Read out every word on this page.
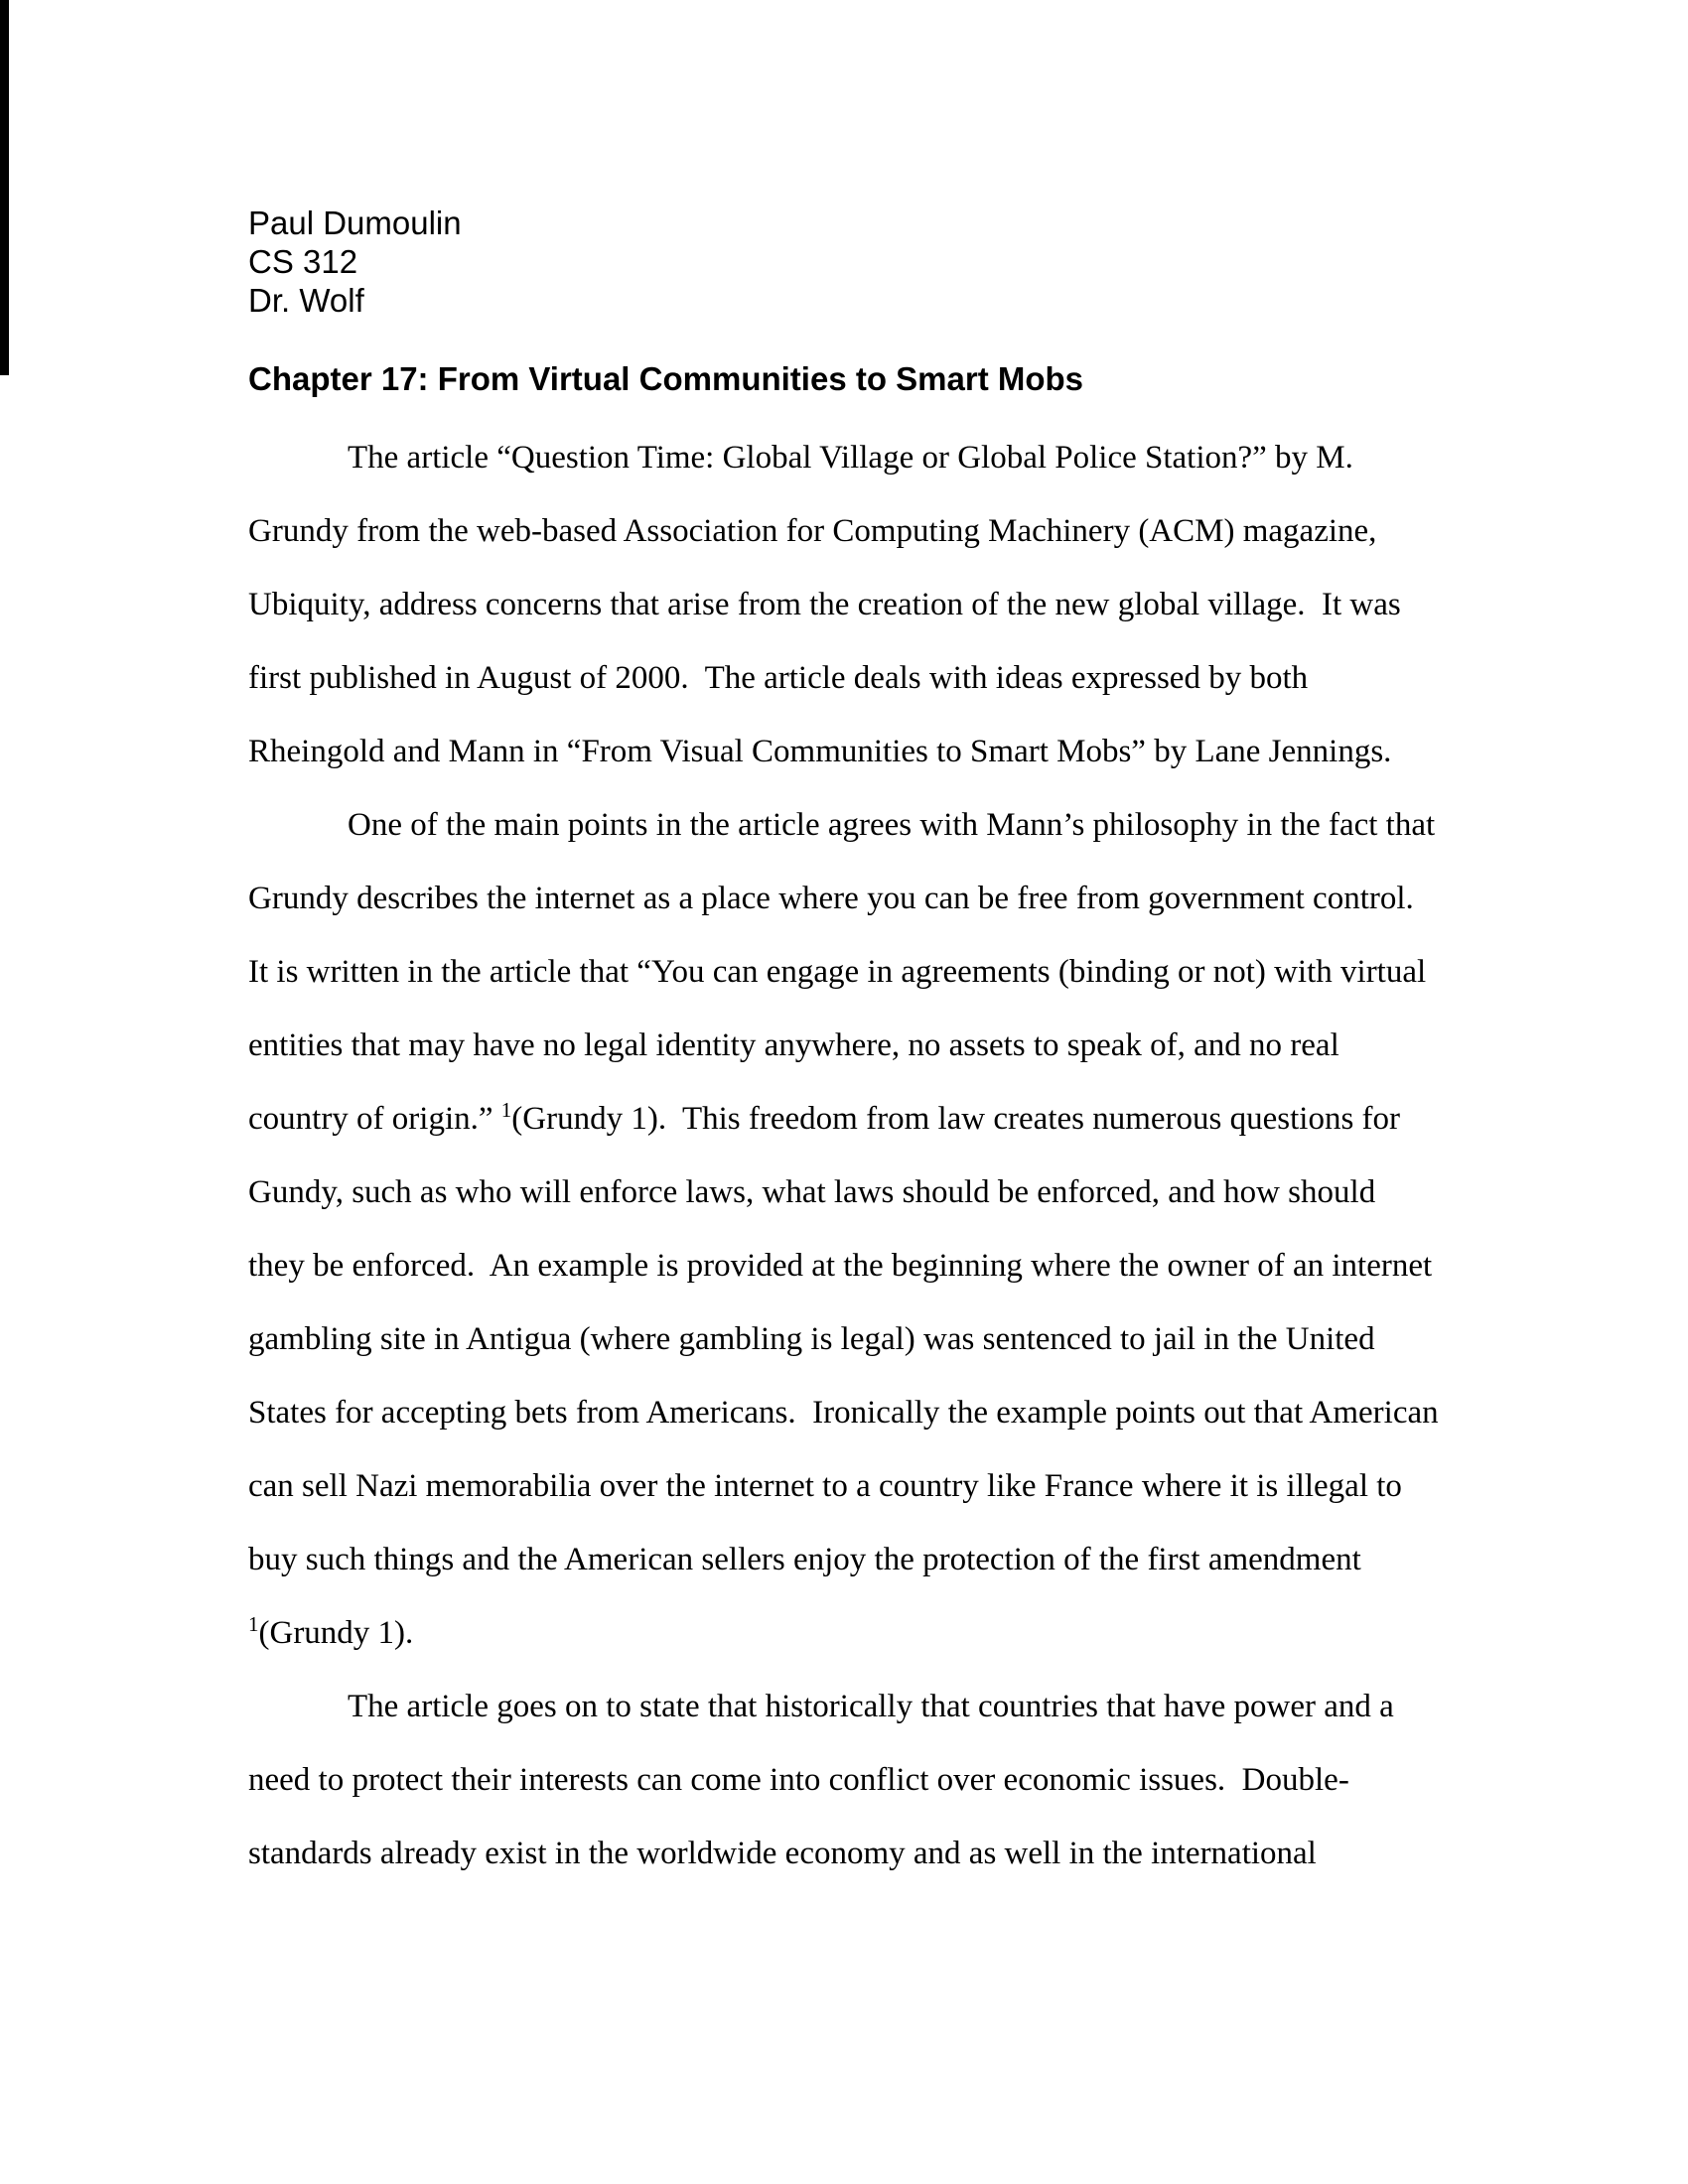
Paul Dumoulin
CS 312
Dr. Wolf
Chapter 17: From Virtual Communities to Smart Mobs

The article “Question Time: Global Village or Global Police Station?” by M. Grundy from the web-based Association for Computing Machinery (ACM) magazine, Ubiquity, address concerns that arise from the creation of the new global village.  It was first published in August of 2000.  The article deals with ideas expressed by both Rheingold and Mann in “From Visual Communities to Smart Mobs” by Lane Jennings.

One of the main points in the article agrees with Mann’s philosophy in the fact that Grundy describes the internet as a place where you can be free from government control.  It is written in the article that “You can engage in agreements (binding or not) with virtual entities that may have no legal identity anywhere, no assets to speak of, and no real country of origin.” $^1$(Grundy 1).  This freedom from law creates numerous questions for Gundy, such as who will enforce laws, what laws should be enforced, and how should they be enforced.  An example is provided at the beginning where the owner of an internet gambling site in Antigua (where gambling is legal) was sentenced to jail in the United States for accepting bets from Americans.  Ironically the example points out that American can sell Nazi memorabilia over the internet to a country like France where it is illegal to buy such things and the American sellers enjoy the protection of the first amendment $^1$(Grundy 1).

The article goes on to state that historically that countries that have power and a need to protect their interests can come into conflict over economic issues.  Double-standards already exist in the worldwide economy and as well in the international
